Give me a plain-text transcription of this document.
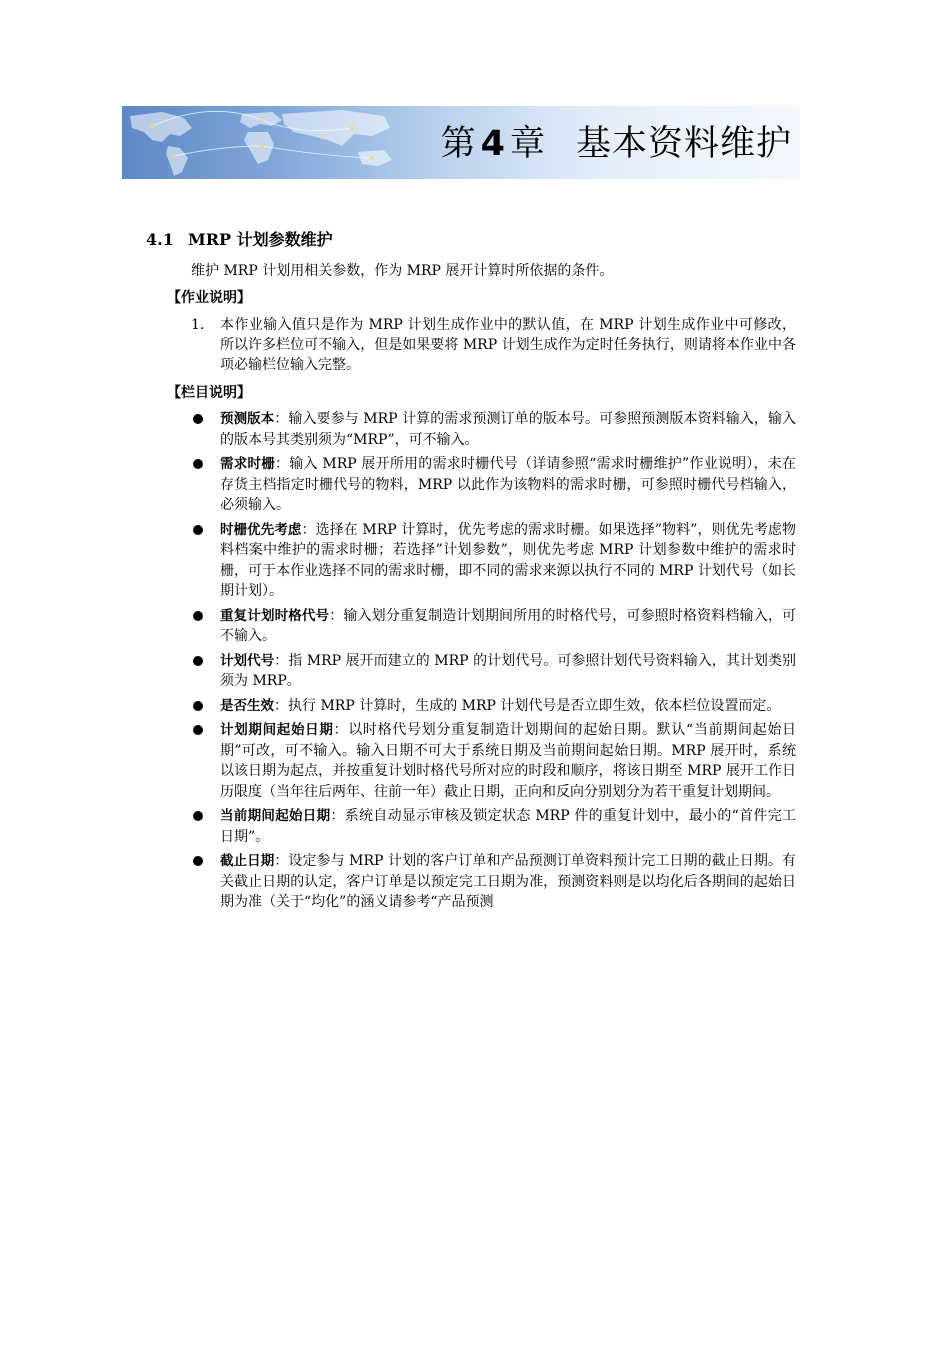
第 4 章 基本资料维护
4.1 MRP 计划参数维护
维护 MRP 计划用相关参数，作为 MRP 展开计算时所依据的条件。
【作业说明】
1. 本作业输入值只是作为 MRP 计划生成作业中的默认值，在 MRP 计划生成作业中可修改，所以许多栏位可不输入，但是如果要将 MRP 计划生成作为定时任务执行，则请将本作业中各项必输栏位输入完整。
【栏目说明】
预测版本：输入要参与 MRP 计算的需求预测订单的版本号。可参照预测版本资料输入，输入的版本号其类别须为“MRP”，可不输入。
需求时栅：输入 MRP 展开所用的需求时栅代号（详请参照“需求时栅维护”作业说明），未在存货主档指定时栅代号的物料，MRP 以此作为该物料的需求时栅，可参照时栅代号档输入，必须输入。
时栅优先考虑：选择在 MRP 计算时，优先考虑的需求时栅。如果选择”物料”，则优先考虑物料档案中维护的需求时栅；若选择”计划参数”，则优先考虑 MRP 计划参数中维护的需求时栅，可于本作业选择不同的需求时栅，即不同的需求来源以执行不同的 MRP 计划代号（如长期计划）。
重复计划时格代号：输入划分重复制造计划期间所用的时格代号，可参照时格资料档输入，可不输入。
计划代号：指 MRP 展开而建立的 MRP 的计划代号。可参照计划代号资料输入，其计划类别须为 MRP。
是否生效：执行 MRP 计算时，生成的 MRP 计划代号是否立即生效，依本栏位设置而定。
计划期间起始日期：以时格代号划分重复制造计划期间的起始日期。默认“当前期间起始日期”可改，可不输入。输入日期不可大于系统日期及当前期间起始日期。MRP 展开时，系统以该日期为起点，并按重复计划时格代号所对应的时段和顺序，将该日期至 MRP 展开工作日历限度（当年往后两年、往前一年）截止日期，正向和反向分别划分为若干重复计划期间。
当前期间起始日期：系统自动显示审核及锁定状态 MRP 件的重复计划中，最小的“首件完工日期”。
截止日期：设定参与 MRP 计划的客户订单和产品预测订单资料预计完工日期的截止日期。有关截止日期的认定，客户订单是以预定完工日期为准，预测资料则是以均化后各期间的起始日期为准（关于“均化”的涵义请参考“产品预测
